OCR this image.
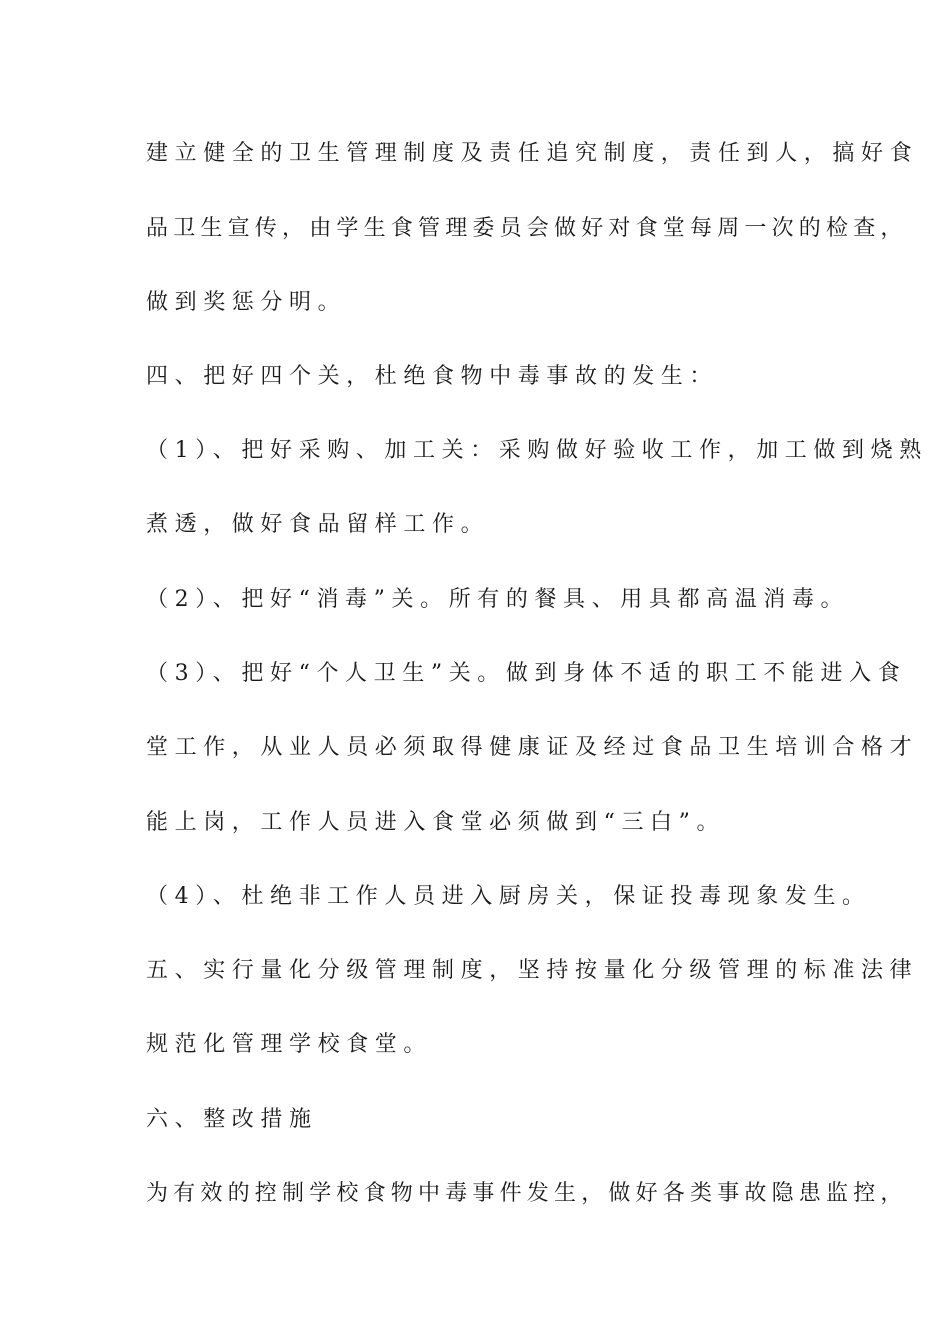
建立健全的卫生管理制度及责任追究制度，责任到人，搞好食
品卫生宣传，由学生食管理委员会做好对食堂每周一次的检查，
做到奖惩分明。
四、把好四个关，杜绝食物中毒事故的发生：
（1）、把好采购、加工关：采购做好验收工作，加工做到烧熟
煮透，做好食品留样工作。
（2）、把好“消毒”关。所有的餐具、用具都高温消毒。
（3）、把好“个人卫生”关。做到身体不适的职工不能进入食
堂工作，从业人员必须取得健康证及经过食品卫生培训合格才
能上岗，工作人员进入食堂必须做到“三白”。
（4）、杜绝非工作人员进入厨房关，保证投毒现象发生。
五、实行量化分级管理制度，坚持按量化分级管理的标准法律
规范化管理学校食堂。
六、整改措施
为有效的控制学校食物中毒事件发生，做好各类事故隐患监控，
